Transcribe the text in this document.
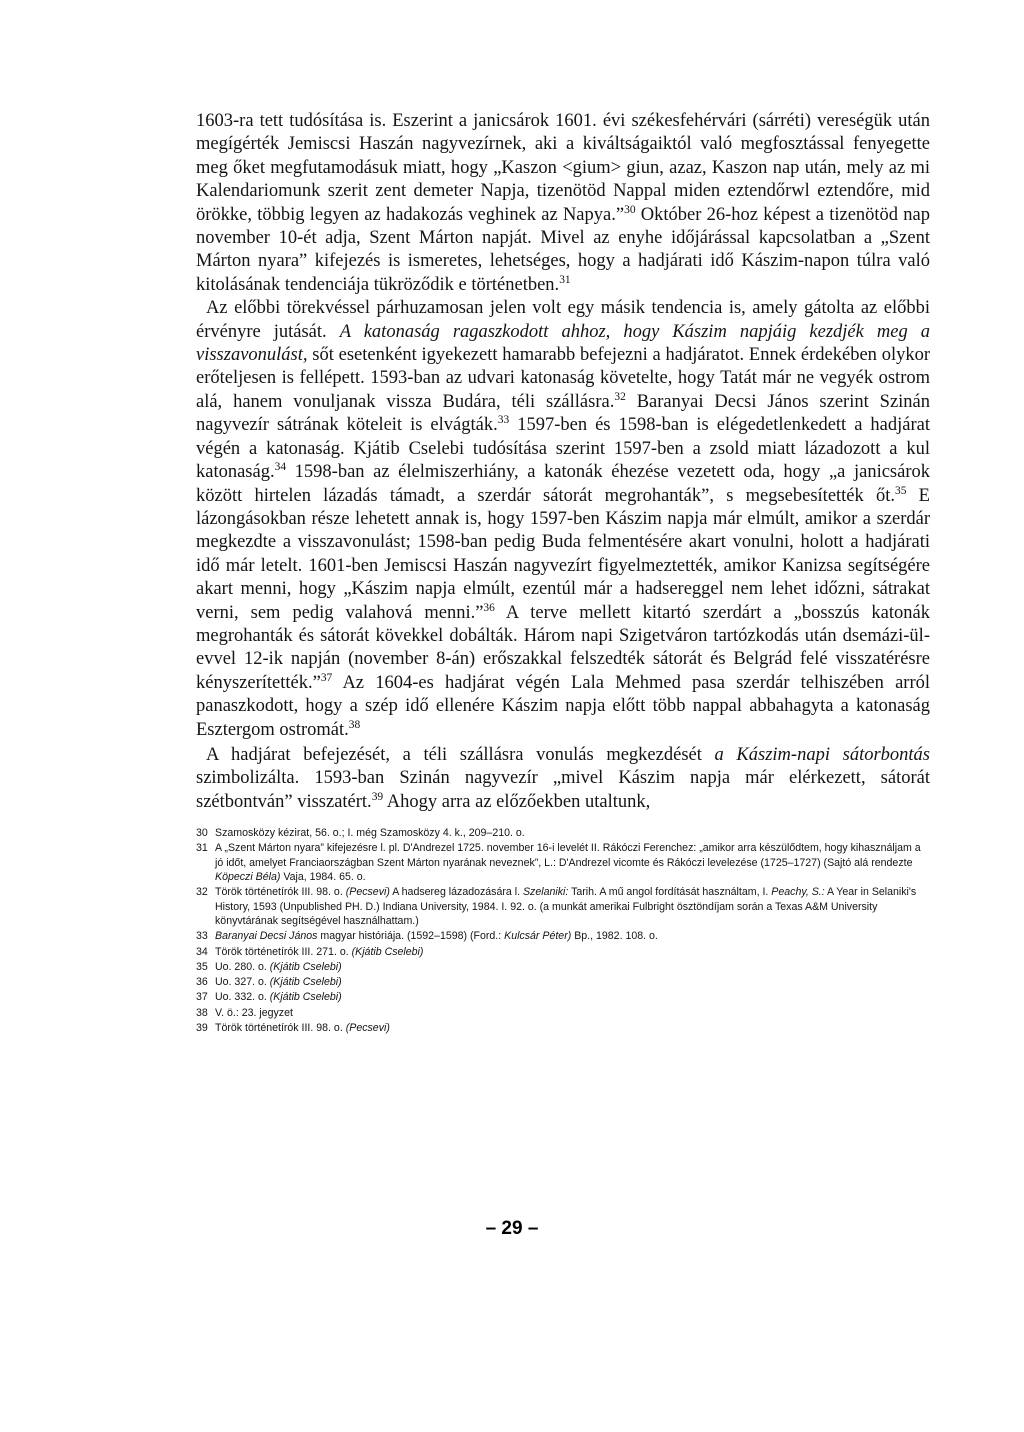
1603-ra tett tudósítása is. Eszerint a janicsárok 1601. évi székesfehérvári (sárréti) vereségük után megígérték Jemiscsi Haszán nagyvezírnek, aki a kiváltságaiktól való megfosztással fenyegette meg őket megfutamodásuk miatt, hogy „Kaszon <gium> giun, azaz, Kaszon nap után, mely az mi Kalendariomunk szerit zent demeter Napja, tizenötöd Nappal miden eztendőrwl eztendőre, mid örökke, többig legyen az hadakozás veghinek az Napya.”$^{30}$ Október 26-hoz képest a tizenötöd nap november 10-ét adja, Szent Márton napját. Mivel az enyhe időjárással kapcsolatban a „Szent Márton nyara” kifejezés is ismeretes, lehetséges, hogy a hadjárati idő Kászim-napon túlra való kitolásának tendenciája tükröződik e történetben.$^{31}$

Az előbbi törekvéssel párhuzamosan jelen volt egy másik tendencia is, amely gátolta az előbbi érvényre jutását. A katonaság ragaszkodott ahhoz, hogy Kászim napjáig kezdjék meg a visszavonulást, sőt esetenként igyekezett hamarabb befejezni a hadjáratot. Ennek érdekében olykor erőteljesen is fellépett. 1593-ban az udvari katonaság követelte, hogy Tatát már ne vegyék ostrom alá, hanem vonuljanak vissza Budára, téli szállásra.$^{32}$ Baranyai Decsi János szerint Szinán nagyvezír sátrának köteleit is elvágták.$^{33}$ 1597-ben és 1598-ban is elégedetlenkedett a hadjárat végén a katonaság. Kjátib Cselebi tudósítása szerint 1597-ben a zsold miatt lázadozott a kul katonaság.$^{34}$ 1598-ban az élelmiszerhiány, a katonák éhezése vezetett oda, hogy „a janicsárok között hirtelen lázadás támadt, a szerdár sátorát megrohanták”, s megsebesítették őt.$^{35}$ E lázongásokban része lehetett annak is, hogy 1597-ben Kászim napja már elmúlt, amikor a szerdár megkezdte a visszavonulást; 1598-ban pedig Buda felmentésére akart vonulni, holott a hadjárati idő már letelt. 1601-ben Jemiscsi Haszán nagyvezírt figyelmeztették, amikor Kanizsa segítségére akart menni, hogy „Kászim napja elmúlt, ezentúl már a hadsereggel nem lehet időzni, sátrakat verni, sem pedig valahová menni.”$^{36}$ A terve mellett kitartó szerdárt a „bosszús katonák megrohanták és sátorát kövekkel dobálták. Három napi Szigetváron tartózkodás után dsemázi-ül-evvel 12-ik napján (november 8-án) erőszakkal felszedték sátorát és Belgrád felé visszatérésre kényszerítették.”$^{37}$ Az 1604-es hadjárat végén Lala Mehmed pasa szerdár telhiszében arról panaszkodott, hogy a szép idő ellenére Kászim napja előtt több nappal abbahagyta a katonaság Esztergom ostromát.$^{38}$

A hadjárat befejezését, a téli szállásra vonulás megkezdését a Kászim-napi sátorbontás szimbolizálta. 1593-ban Szinán nagyvezír „mivel Kászim napja már elérkezett, sátorát szétbontván” visszatért.$^{39}$ Ahogy arra az előzőekben utaltunk,

30 Szamosközy kézirat, 56. o.; I. még Szamosközy 4. k., 209–210. o.
31 A „Szent Márton nyara” kifejezésre l. pl. D'Andrezel 1725. november 16-i levelét II. Rákóczi Ferenchez: „amikor arra készülődtem, hogy kihasználjam a jó időt, amelyet Franciaországban Szent Márton nyarának neveznek”, L.: D'Andrezel vicomte és Rákóczi levelezése (1725–1727) (Sajtó alá rendezte Köpeczi Béla) Vaja, 1984. 65. o.
32 Török történetírók III. 98. o. (Pecsevi) A hadsereg lázadozására l. Szelaniki: Tarih. A mű angol fordítását használtam, I. Peachy, S.: A Year in Selaniki's History, 1593 (Unpublished PH. D.) Indiana University, 1984. I. 92. o. (a munkát amerikai Fulbright ösztöndíjam során a Texas A&M University könyvtárának segítségével használhattam.)
33 Baranyai Decsi János magyar históriája. (1592–1598) (Ford.: Kulcsár Péter) Bp., 1982. 108. o.
34 Török történetírók III. 271. o. (Kjátib Cselebi)
35 Uo. 280. o. (Kjátib Cselebi)
36 Uo. 327. o. (Kjátib Cselebi)
37 Uo. 332. o. (Kjátib Cselebi)
38 V. ö.: 23. jegyzet
39 Török történetírók III. 98. o. (Pecsevi)
– 29 –
